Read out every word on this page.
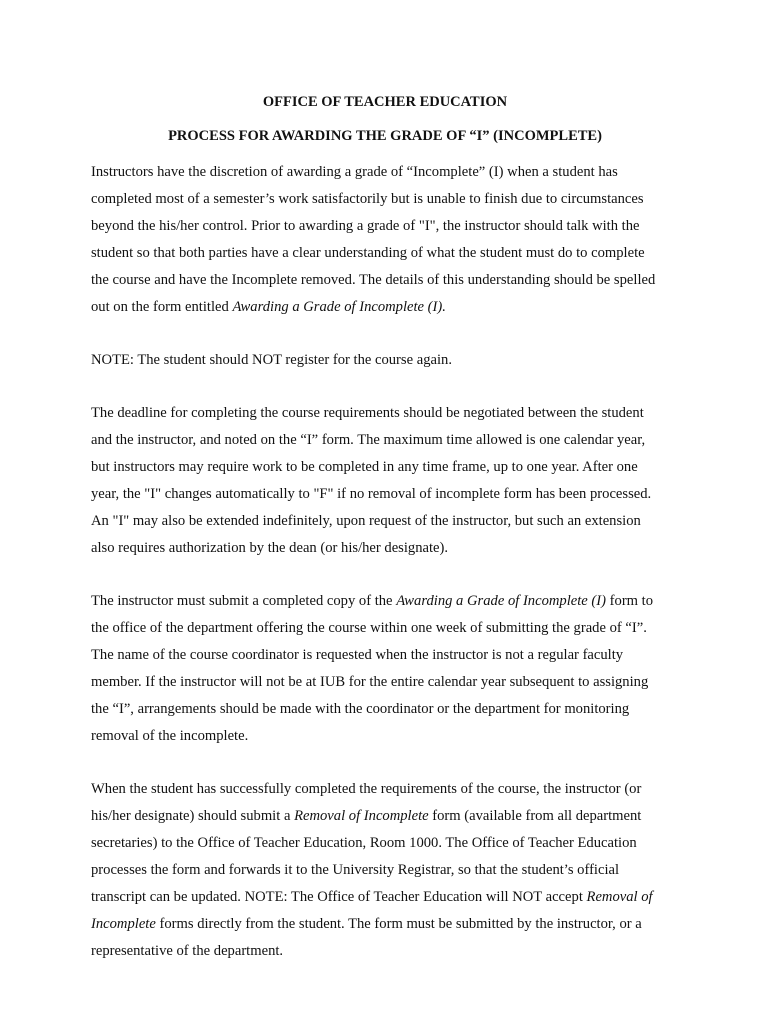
OFFICE OF TEACHER EDUCATION
PROCESS FOR AWARDING THE GRADE OF “I” (INCOMPLETE)
Instructors have the discretion of awarding a grade of “Incomplete” (I) when a student has
completed most of a semester’s work satisfactorily but is unable to finish due to circumstances
beyond the his/her control. Prior to awarding a grade of "I", the instructor should talk with the
student so that both parties have a clear understanding of what the student must do to complete
the course and have the Incomplete removed. The details of this understanding should be spelled
out on the form entitled Awarding a Grade of Incomplete (I).
NOTE: The student should NOT register for the course again.
The deadline for completing the course requirements should be negotiated between the student
and the instructor, and noted on the “I” form. The maximum time allowed is one calendar year,
but instructors may require work to be completed in any time frame, up to one year. After one
year, the "I" changes automatically to "F" if no removal of incomplete form has been processed.
An "I" may also be extended indefinitely, upon request of the instructor, but such an extension
also requires authorization by the dean (or his/her designate).
The instructor must submit a completed copy of the Awarding a Grade of Incomplete (I) form to
the office of the department offering the course within one week of submitting the grade of “I”.
The name of the course coordinator is requested when the instructor is not a regular faculty
member. If the instructor will not be at IUB for the entire calendar year subsequent to assigning
the “I”, arrangements should be made with the coordinator or the department for monitoring
removal of the incomplete.
When the student has successfully completed the requirements of the course, the instructor (or
his/her designate) should submit a Removal of Incomplete form (available from all department
secretaries) to the Office of Teacher Education, Room 1000. The Office of Teacher Education
processes the form and forwards it to the University Registrar, so that the student’s official
transcript can be updated. NOTE: The Office of Teacher Education will NOT accept Removal of
Incomplete forms directly from the student. The form must be submitted by the instructor, or a
representative of the department.
